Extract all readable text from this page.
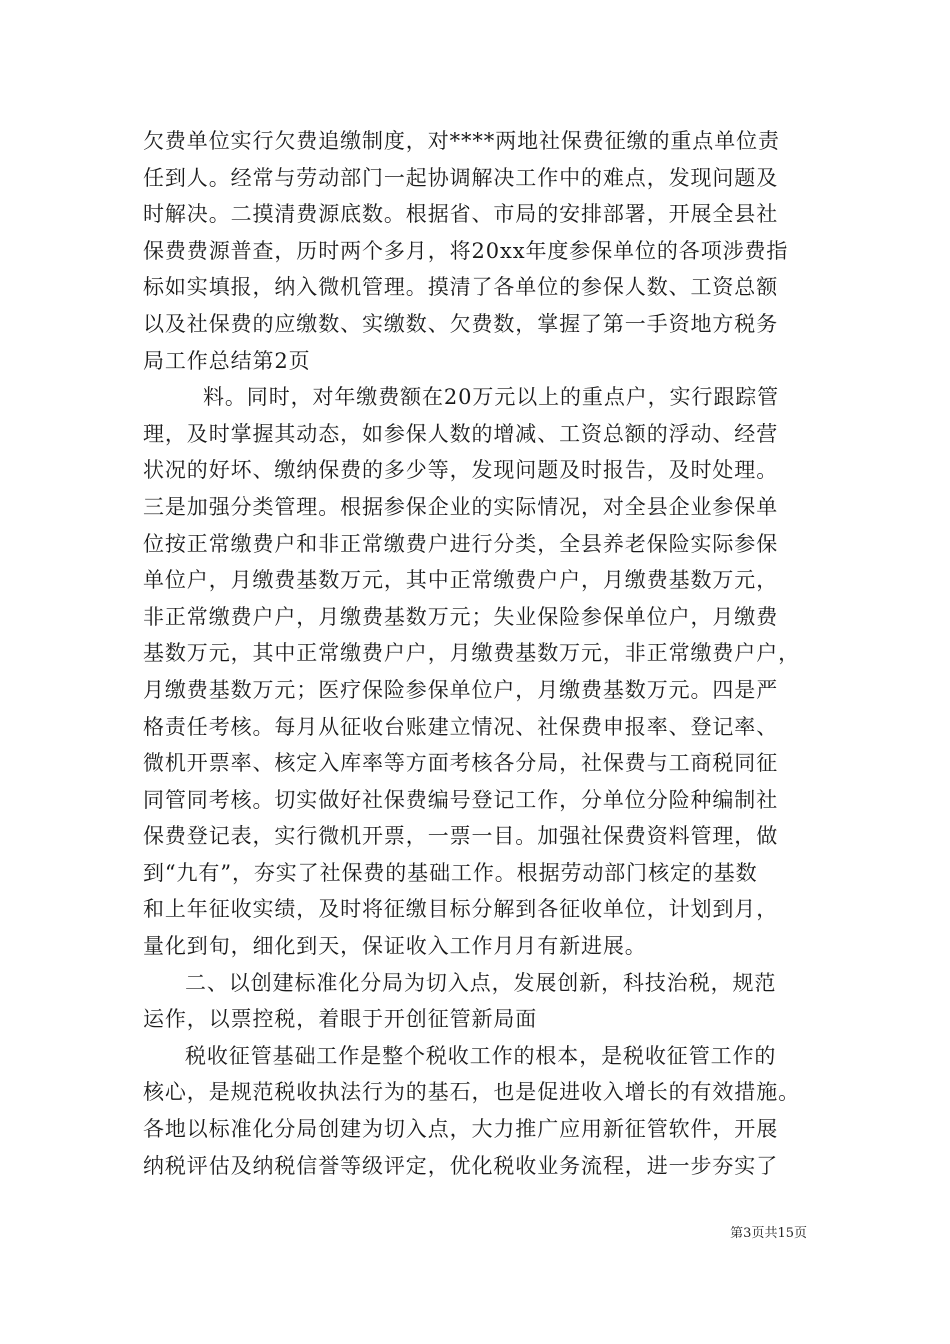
欠费单位实行欠费追缴制度，对****两地社保费征缴的重点单位责
任到人。经常与劳动部门一起协调解决工作中的难点，发现问题及
时解决。二摸清费源底数。根据省、市局的安排部署，开展全县社
保费费源普查，历时两个多月，将20xx年度参保单位的各项涉费指
标如实填报，纳入微机管理。摸清了各单位的参保人数、工资总额
以及社保费的应缴数、实缴数、欠费数，掌握了第一手资地方税务
局工作总结第2页
料。同时，对年缴费额在20万元以上的重点户，实行跟踪管
理，及时掌握其动态，如参保人数的增减、工资总额的浮动、经营
状况的好坏、缴纳保费的多少等，发现问题及时报告，及时处理。
三是加强分类管理。根据参保企业的实际情况，对全县企业参保单
位按正常缴费户和非正常缴费户进行分类，全县养老保险实际参保
单位户，月缴费基数万元，其中正常缴费户户，月缴费基数万元，
非正常缴费户户，月缴费基数万元；失业保险参保单位户，月缴费
基数万元，其中正常缴费户户，月缴费基数万元，非正常缴费户户，
月缴费基数万元；医疗保险参保单位户，月缴费基数万元。四是严
格责任考核。每月从征收台账建立情况、社保费申报率、登记率、
微机开票率、核定入库率等方面考核各分局，社保费与工商税同征
同管同考核。切实做好社保费编号登记工作，分单位分险种编制社
保费登记表，实行微机开票，一票一目。加强社保费资料管理，做
到“九有”，夯实了社保费的基础工作。根据劳动部门核定的基数
和上年征收实绩，及时将征缴目标分解到各征收单位，计划到月，
量化到旬，细化到天，保证收入工作月月有新进展。
二、以创建标准化分局为切入点，发展创新，科技治税，规范
运作，以票控税，着眼于开创征管新局面
税收征管基础工作是整个税收工作的根本，是税收征管工作的
核心，是规范税收执法行为的基石，也是促进收入增长的有效措施。
各地以标准化分局创建为切入点，大力推广应用新征管软件，开展
纳税评估及纳税信誉等级评定，优化税收业务流程，进一步夯实了
第3页共15页
